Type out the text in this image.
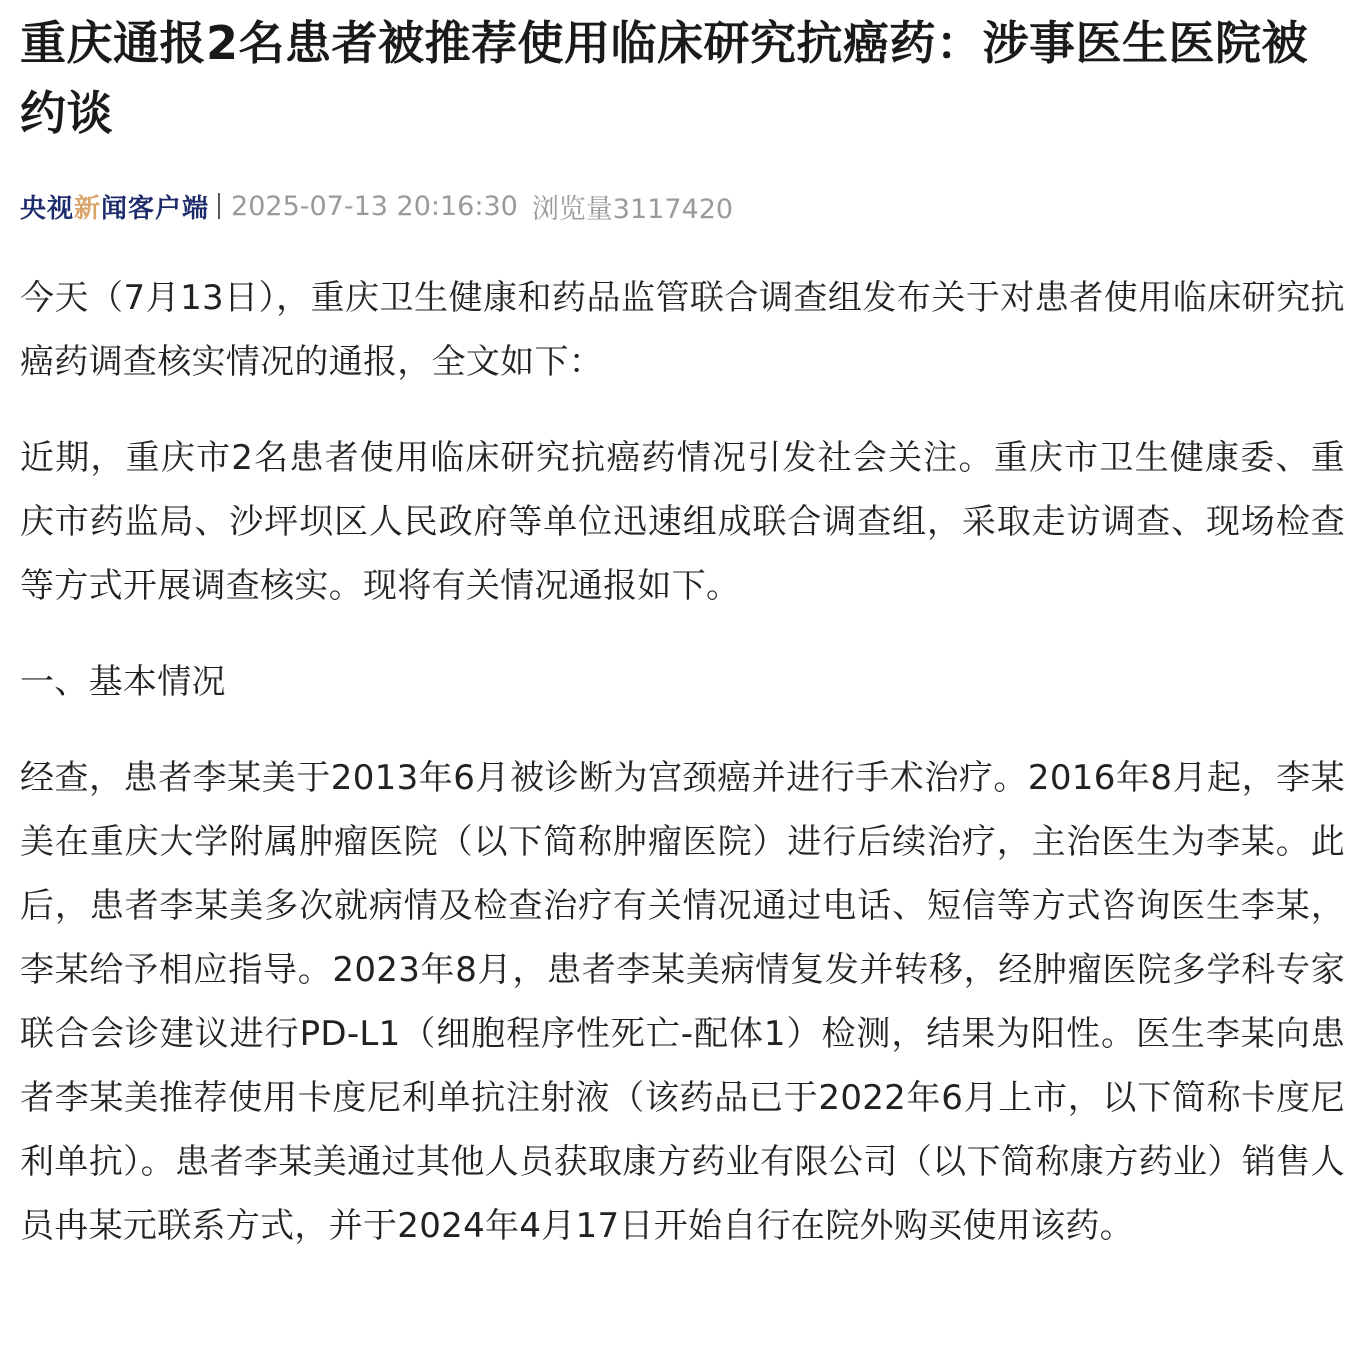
重庆通报2名患者被推荐使用临床研究抗癌药：涉事医生医院被约谈
央视新闻客户端 2025-07-13 20:16:30 浏览量3117420

今天（7月13日），重庆卫生健康和药品监管联合调查组发布关于对患者使用临床研究抗癌药调查核实情况的通报，全文如下：

近期，重庆市2名患者使用临床研究抗癌药情况引发社会关注。重庆市卫生健康委、重庆市药监局、沙坪坝区人民政府等单位迅速组成联合调查组，采取走访调查、现场检查等方式开展调查核实。现将有关情况通报如下。

一、基本情况

经查，患者李某美于2013年6月被诊断为宫颈癌并进行手术治疗。2016年8月起，李某美在重庆大学附属肿瘤医院（以下简称肿瘤医院）进行后续治疗，主治医生为李某。此后，患者李某美多次就病情及检查治疗有关情况通过电话、短信等方式咨询医生李某，李某给予相应指导。2023年8月，患者李某美病情复发并转移，经肿瘤医院多学科专家联合会诊建议进行PD-L1（细胞程序性死亡-配体1）检测，结果为阳性。医生李某向患者李某美推荐使用卡度尼利单抗注射液（该药品已于2022年6月上市，以下简称卡度尼利单抗）。患者李某美通过其他人员获取康方药业有限公司（以下简称康方药业）销售人员冉某元联系方式，并于2024年4月17日开始自行在院外购买使用该药。
